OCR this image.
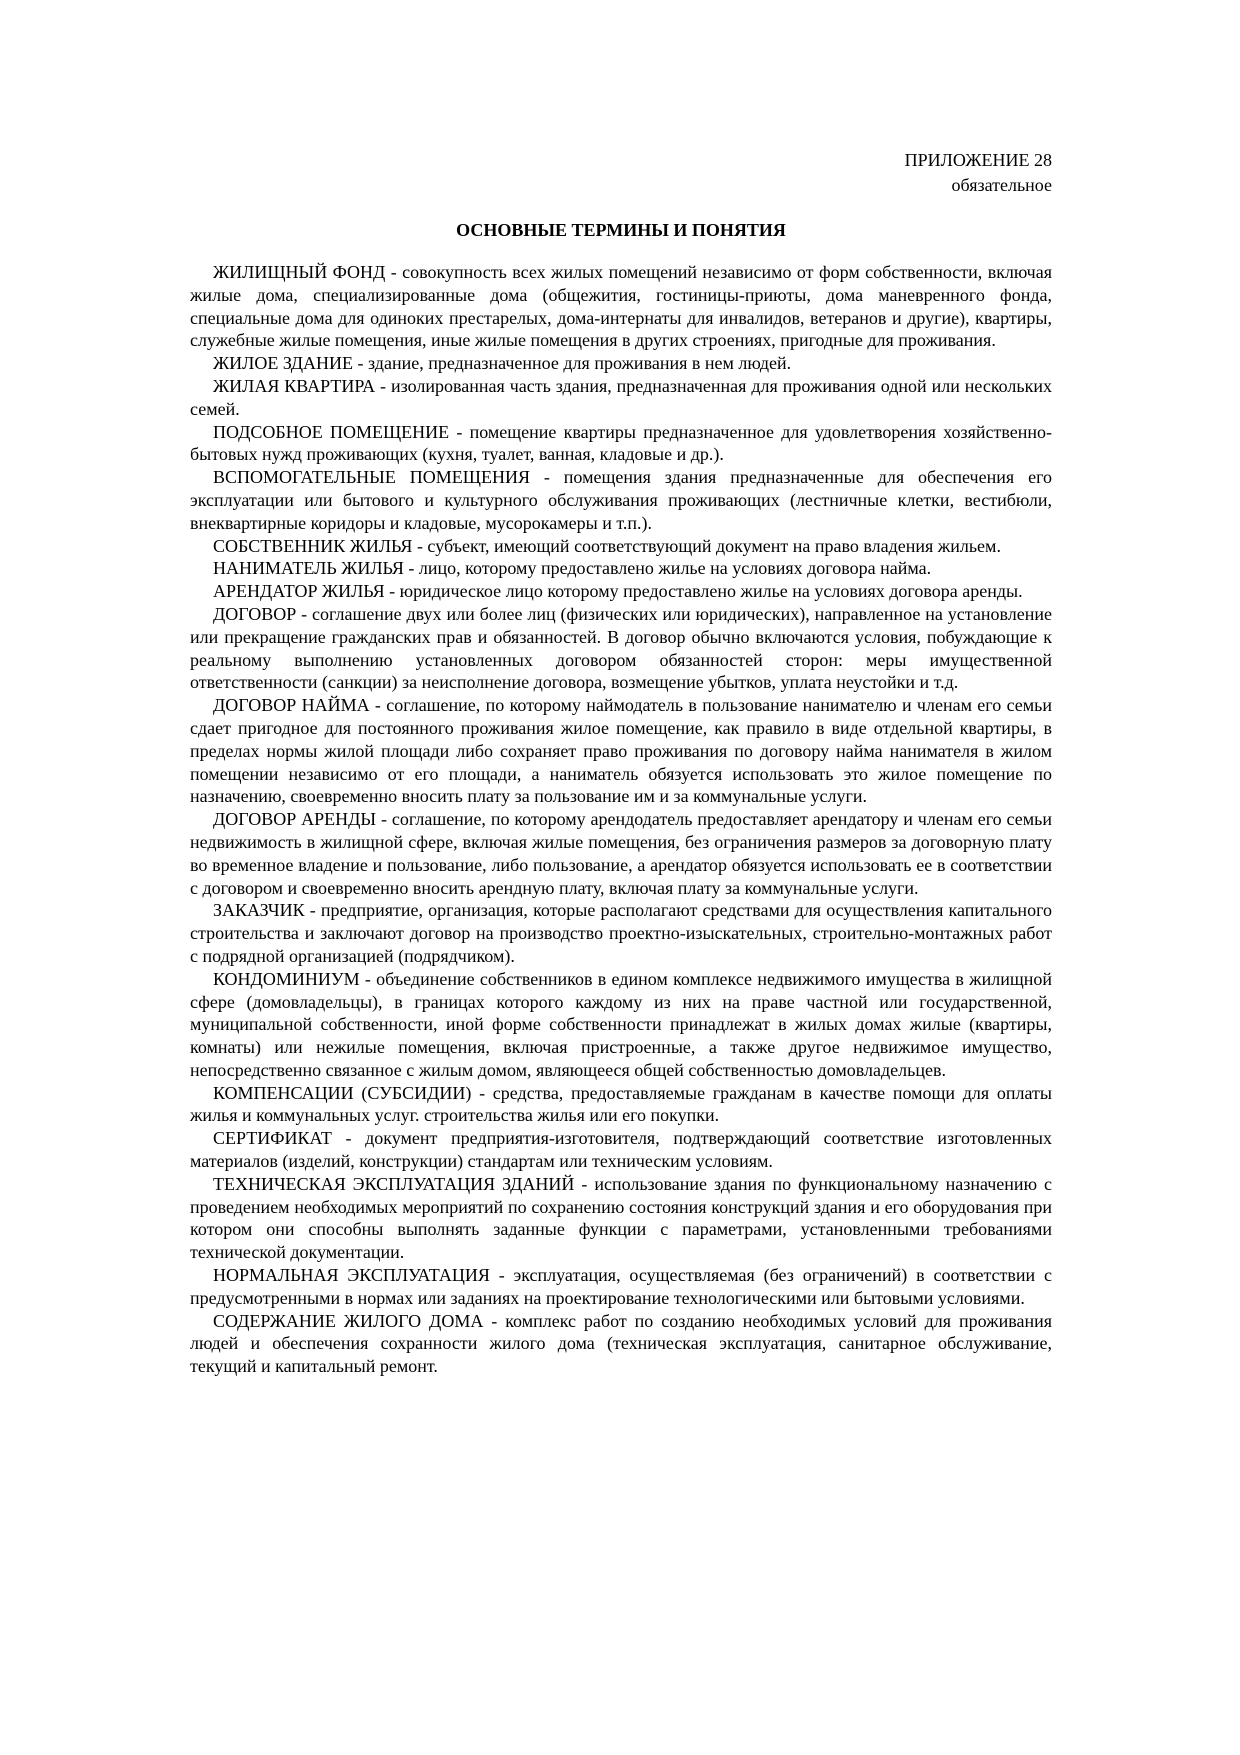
ПРИЛОЖЕНИЕ 28
обязательное
ОСНОВНЫЕ ТЕРМИНЫ И ПОНЯТИЯ

ЖИЛИЩНЫЙ ФОНД - совокупность всех жилых помещений независимо от форм собственности, включая жилые дома, специализированные дома (общежития, гостиницы-приюты, дома маневренного фонда, специальные дома для одиноких престарелых, дома-интернаты для инвалидов, ветеранов и другие), квартиры, служебные жилые помещения, иные жилые помещения в других строениях, пригодные для проживания.

ЖИЛОЕ ЗДАНИЕ - здание, предназначенное для проживания в нем людей.

ЖИЛАЯ КВАРТИРА - изолированная часть здания, предназначенная для проживания одной или нескольких семей.

ПОДСОБНОЕ ПОМЕЩЕНИЕ - помещение квартиры предназначенное для удовлетворения хозяйственно-бытовых нужд проживающих (кухня, туалет, ванная, кладовые и др.).

ВСПОМОГАТЕЛЬНЫЕ ПОМЕЩЕНИЯ - помещения здания предназначенные для обеспечения его эксплуатации или бытового и культурного обслуживания проживающих (лестничные клетки, вестибюли, внеквартирные коридоры и кладовые, мусорокамеры и т.п.).

СОБСТВЕННИК ЖИЛЬЯ - субъект, имеющий соответствующий документ на право владения жильем.

НАНИМАТЕЛЬ ЖИЛЬЯ - лицо, которому предоставлено жилье на условиях договора найма.

АРЕНДАТОР ЖИЛЬЯ - юридическое лицо которому предоставлено жилье на условиях договора аренды.

ДОГОВОР - соглашение двух или более лиц (физических или юридических), направленное на установление или прекращение гражданских прав и обязанностей. В договор обычно включаются условия, побуждающие к реальному выполнению установленных договором обязанностей сторон: меры имущественной ответственности (санкции) за неисполнение договора, возмещение убытков, уплата неустойки и т.д.

ДОГОВОР НАЙМА - соглашение, по которому наймодатель в пользование нанимателю и членам его семьи сдает пригодное для постоянного проживания жилое помещение, как правило в виде отдельной квартиры, в пределах нормы жилой площади либо сохраняет право проживания по договору найма нанимателя в жилом помещении независимо от его площади, а наниматель обязуется использовать это жилое помещение по назначению, своевременно вносить плату за пользование им и за коммунальные услуги.

ДОГОВОР АРЕНДЫ - соглашение, по которому арендодатель предоставляет арендатору и членам его семьи недвижимость в жилищной сфере, включая жилые помещения, без ограничения размеров за договорную плату во временное владение и пользование, либо пользование, а арендатор обязуется использовать ее в соответствии с договором и своевременно вносить арендную плату, включая плату за коммунальные услуги.

ЗАКАЗЧИК - предприятие, организация, которые располагают средствами для осуществления капитального строительства и заключают договор на производство проектно-изыскательных, строительно-монтажных работ с подрядной организацией (подрядчиком).

КОНДОМИНИУМ - объединение собственников в едином комплексе недвижимого имущества в жилищной сфере (домовладельцы), в границах которого каждому из них на праве частной или государственной, муниципальной собственности, иной форме собственности принадлежат в жилых домах жилые (квартиры, комнаты) или нежилые помещения, включая пристроенные, а также другое недвижимое имущество, непосредственно связанное с жилым домом, являющееся общей собственностью домовладельцев.

КОМПЕНСАЦИИ (СУБСИДИИ) - средства, предоставляемые гражданам в качестве помощи для оплаты жилья и коммунальных услуг. строительства жилья или его покупки.

СЕРТИФИКАТ - документ предприятия-изготовителя, подтверждающий соответствие изготовленных материалов (изделий, конструкции) стандартам или техническим условиям.

ТЕХНИЧЕСКАЯ ЭКСПЛУАТАЦИЯ ЗДАНИЙ - использование здания по функциональному назначению с проведением необходимых мероприятий по сохранению состояния конструкций здания и его оборудования при котором они способны выполнять заданные функции с параметрами, установленными требованиями технической документации.

НОРМАЛЬНАЯ ЭКСПЛУАТАЦИЯ - эксплуатация, осуществляемая (без ограничений) в соответствии с предусмотренными в нормах или заданиях на проектирование технологическими или бытовыми условиями.

СОДЕРЖАНИЕ ЖИЛОГО ДОМА - комплекс работ по созданию необходимых условий для проживания людей и обеспечения сохранности жилого дома (техническая эксплуатация, санитарное обслуживание, текущий и капитальный ремонт.
